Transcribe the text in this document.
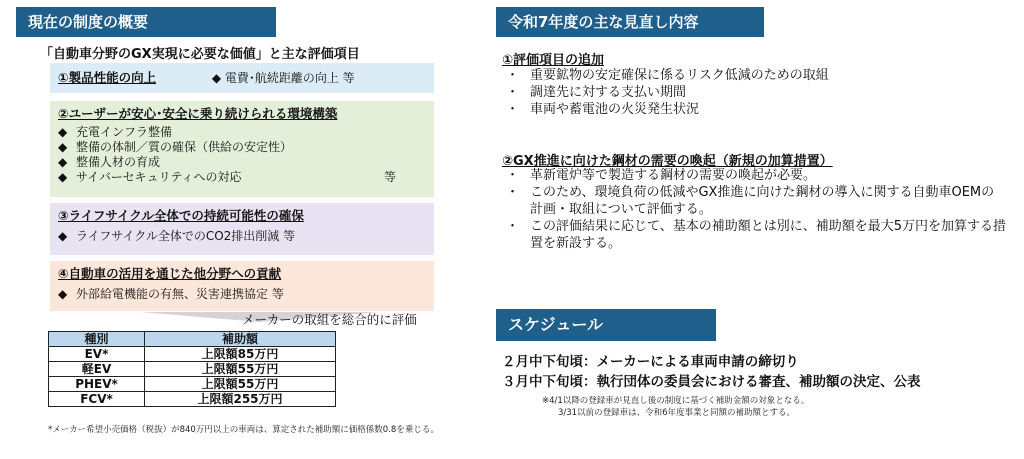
現在の制度の概要
「自動車分野のGX実現に必要な価値」と主な評価項目
①製品性能の向上	◆ 電費･航続距離の向上 等
②ユーザーが安心･安全に乗り続けられる環境構築
◆ 充電インフラ整備
◆ 整備の体制／質の確保（供給の安定性）
◆ 整備人材の育成
◆ サイバーセキュリティへの対応	等
③ライフサイクル全体での持続可能性の確保
◆ ライフサイクル全体でのCO2排出削減 等
④自動車の活用を通じた他分野への貢献
◆ 外部給電機能の有無、災害連携協定 等
メーカーの取組を総合的に評価
種別	補助額
EV*	上限額85万円
軽EV	上限額55万円
PHEV*	上限額55万円
FCV*	上限額255万円
*メーカー希望小売価格（税抜）が840万円以上の車両は、算定された補助額に価格係数0.8を乗じる。
令和7年度の主な見直し内容
①評価項目の追加
・ 重要鉱物の安定確保に係るリスク低減のための取組
・ 調達先に対する支払い期間
・ 車両や蓄電池の火災発生状況
②GX推進に向けた鋼材の需要の喚起（新規の加算措置）
・ 革新電炉等で製造する鋼材の需要の喚起が必要。
・ このため、環境負荷の低減やGX推進に向けた鋼材の導入に関する自動車OEMの計画・取組について評価する。
・ この評価結果に応じて、基本の補助額とは別に、補助額を最大5万円を加算する措置を新設する。
スケジュール
２月中下旬頃：メーカーによる車両申請の締切り
３月中下旬頃：執行団体の委員会における審査、補助額の決定、公表
※4/1以降の登録車が見直し後の制度に基づく補助金額の対象となる。
3/31以前の登録車は、令和6年度事業と同額の補助額とする。
